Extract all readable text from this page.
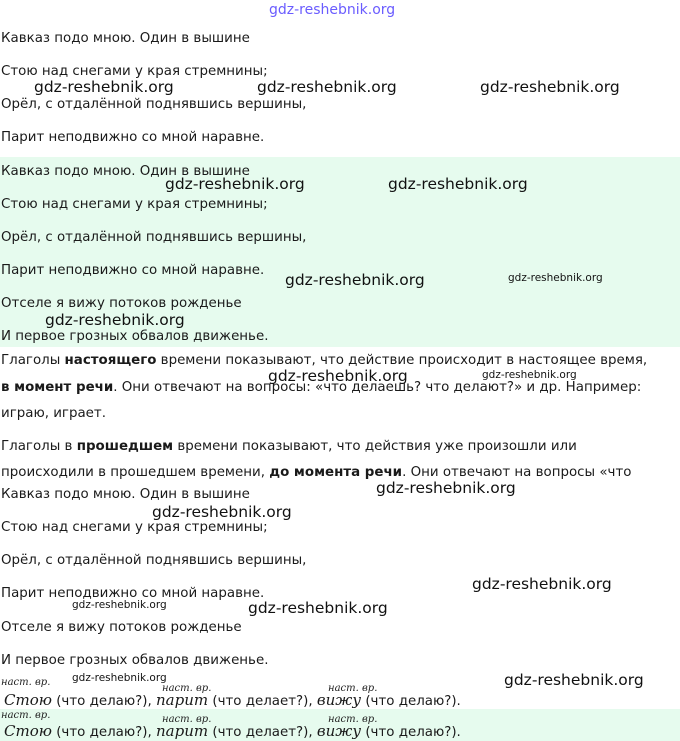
gdz-reshebnik.org
Кавказ подо мною. Один в вышине
Стою над снегами у края стремнины;
Орёл, с отдалённой поднявшись вершины,
Парит неподвижно со мной наравне.
Кавказ подо мною. Один в вышине
Стою над снегами у края стремнины;
Орёл, с отдалённой поднявшись вершины,
Парит неподвижно со мной наравне.
Отселе я вижу потоков рожденье
И первое грозных обвалов движенье.
Глаголы настоящего времени показывают, что действие происходит в настоящее время,
в момент речи. Они отвечают на вопросы: «что делаешь? что делают?» и др. Например:
играю, играет.
Глаголы в прошедшем времени показывают, что действия уже произошли или
происходили в прошедшем времени, до момента речи. Они отвечают на вопросы «что
Кавказ подо мною. Один в вышине
Стою над снегами у края стремнины;
Орёл, с отдалённой поднявшись вершины,
Парит неподвижно со мной наравне.
Отселе я вижу потоков рожденье
И первое грозных обвалов движенье.
наст. вр.
наст. вр.	наст. вр.
Стою (что делаю?), парит (что делает?), вижу (что делаю?).
наст. вр.	наст. вр.	наст. вр.
Стою (что делаю?), парит (что делает?), вижу (что делаю?).
gdz-reshebnik.org	gdz-reshebnik.org	gdz-reshebnik.org
gdz-reshebnik.org	gdz-reshebnik.org
gdz-reshebnik.org	gdz-reshebnik.org
gdz-reshebnik.org
gdz-reshebnik.org	gdz-reshebnik.org
gdz-reshebnik.org
gdz-reshebnik.org
gdz-reshebnik.org
gdz-reshebnik.org	gdz-reshebnik.org
gdz-reshebnik.org
gdz-reshebnik.org
